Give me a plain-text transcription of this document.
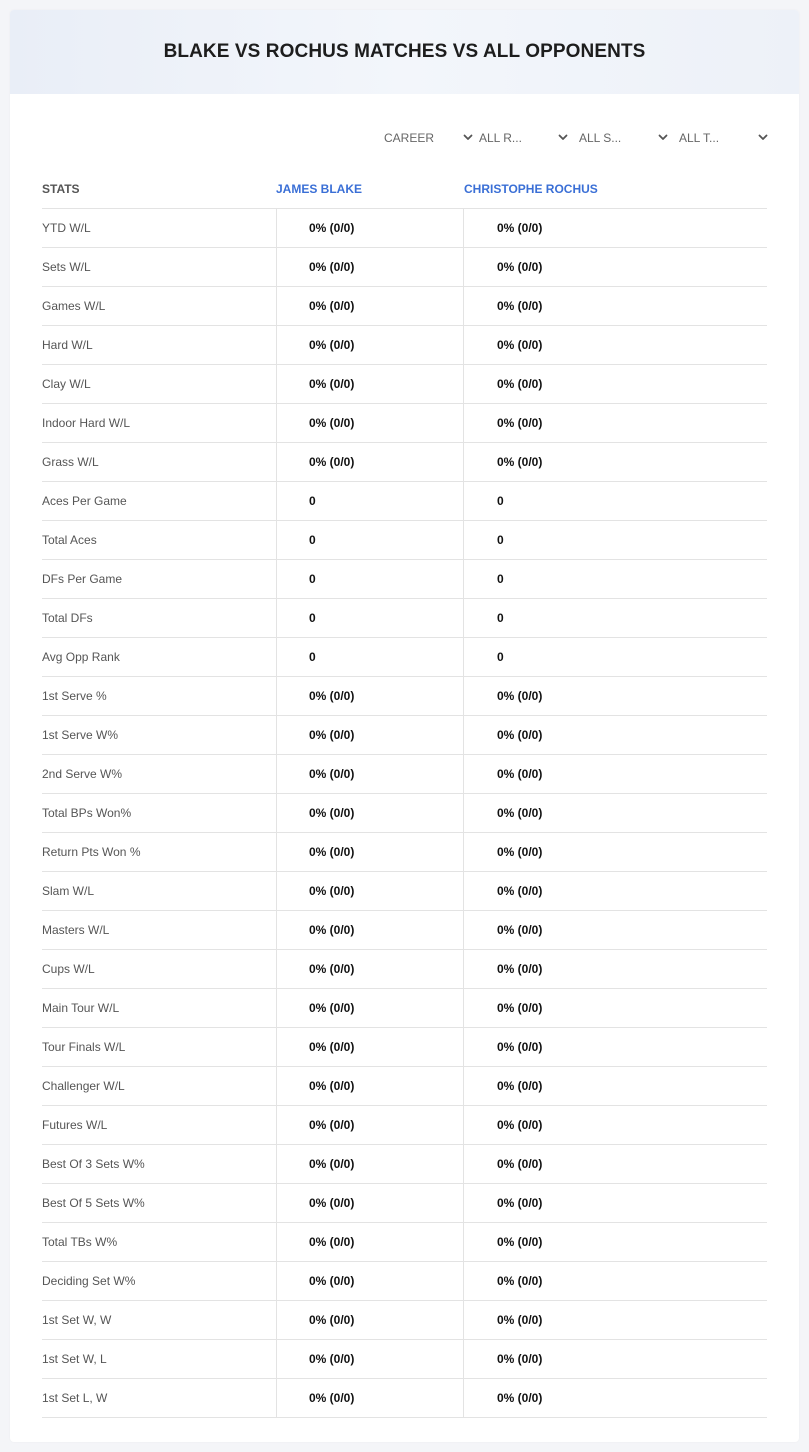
BLAKE VS ROCHUS MATCHES VS ALL OPPONENTS
CAREER	ALL R...	ALL S...	ALL T...
STATS	JAMES BLAKE	CHRISTOPHE ROCHUS
YTD W/L	0% (0/0)	0% (0/0)
Sets W/L	0% (0/0)	0% (0/0)
Games W/L	0% (0/0)	0% (0/0)
Hard W/L	0% (0/0)	0% (0/0)
Clay W/L	0% (0/0)	0% (0/0)
Indoor Hard W/L	0% (0/0)	0% (0/0)
Grass W/L	0% (0/0)	0% (0/0)
Aces Per Game	0	0
Total Aces	0	0
DFs Per Game	0	0
Total DFs	0	0
Avg Opp Rank	0	0
1st Serve %	0% (0/0)	0% (0/0)
1st Serve W%	0% (0/0)	0% (0/0)
2nd Serve W%	0% (0/0)	0% (0/0)
Total BPs Won%	0% (0/0)	0% (0/0)
Return Pts Won %	0% (0/0)	0% (0/0)
Slam W/L	0% (0/0)	0% (0/0)
Masters W/L	0% (0/0)	0% (0/0)
Cups W/L	0% (0/0)	0% (0/0)
Main Tour W/L	0% (0/0)	0% (0/0)
Tour Finals W/L	0% (0/0)	0% (0/0)
Challenger W/L	0% (0/0)	0% (0/0)
Futures W/L	0% (0/0)	0% (0/0)
Best Of 3 Sets W%	0% (0/0)	0% (0/0)
Best Of 5 Sets W%	0% (0/0)	0% (0/0)
Total TBs W%	0% (0/0)	0% (0/0)
Deciding Set W%	0% (0/0)	0% (0/0)
1st Set W, W	0% (0/0)	0% (0/0)
1st Set W, L	0% (0/0)	0% (0/0)
1st Set L, W	0% (0/0)	0% (0/0)
